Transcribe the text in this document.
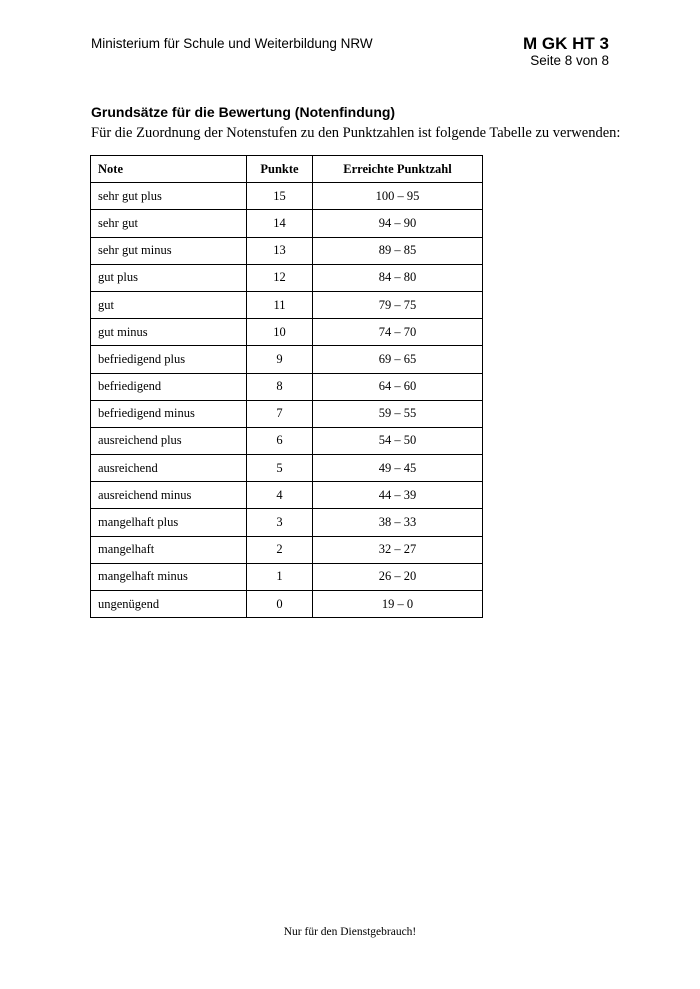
Ministerium für Schule und Weiterbildung NRW	M GK HT 3
Seite 8 von 8
Grundsätze für die Bewertung (Notenfindung)
Für die Zuordnung der Notenstufen zu den Punktzahlen ist folgende Tabelle zu verwenden:
Note	Punkte	Erreichte Punktzahl
sehr gut plus	15	100 – 95
sehr gut	14	94 – 90
sehr gut minus	13	89 – 85
gut plus	12	84 – 80
gut	11	79 – 75
gut minus	10	74 – 70
befriedigend plus	9	69 – 65
befriedigend	8	64 – 60
befriedigend minus	7	59 – 55
ausreichend plus	6	54 – 50
ausreichend	5	49 – 45
ausreichend minus	4	44 – 39
mangelhaft plus	3	38 – 33
mangelhaft	2	32 – 27
mangelhaft minus	1	26 – 20
ungenügend	0	19 – 0
Nur für den Dienstgebrauch!
